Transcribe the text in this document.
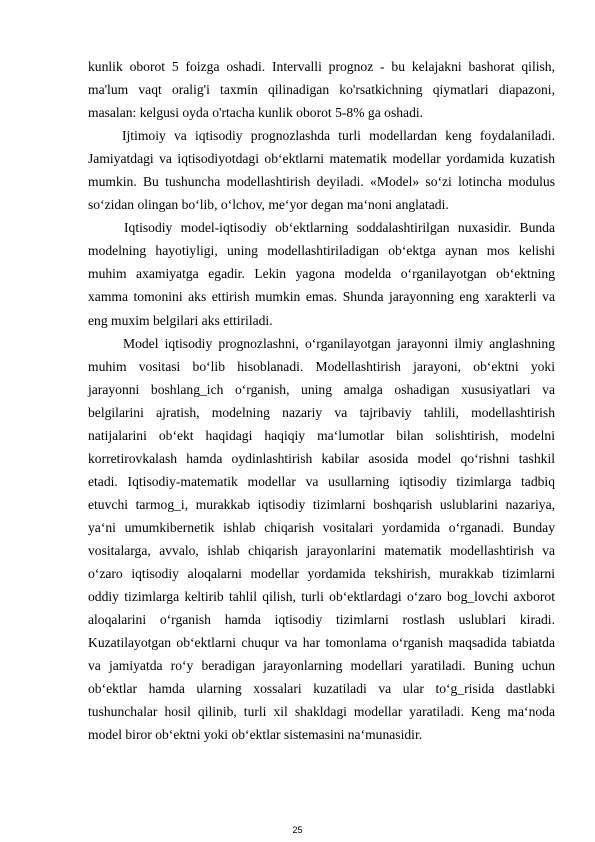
kunlik oborot 5 foizga oshadi. Intervalli prognoz - bu kelajakni bashorat qilish,
ma'lum vaqt oralig'i taxmin qilinadigan ko'rsatkichning qiymatlari diapazoni,
masalan: kelgusi oyda o'rtacha kunlik oborot 5-8% ga oshadi.
Ijtimoiy va iqtisodiy prognozlashda turli modellardan keng foydalaniladi.
Jamiyatdagi va iqtisodiyotdagi ob‘ektlarni matematik modellar yordamida kuzatish
mumkin. Bu tushuncha modellashtirish deyiladi. «Model» so‘zi lotincha modulus
so‘zidan olingan bo‘lib, o‘lchov, me‘yor degan ma‘noni anglatadi.
Iqtisodiy model-iqtisodiy ob‘ektlarning soddalashtirilgan nuxasidir. Bunda
modelning hayotiyligi, uning modellashtiriladigan ob‘ektga aynan mos kelishi
muhim axamiyatga egadir. Lekin yagona modelda o‘rganilayotgan ob‘ektning
xamma tomonini aks ettirish mumkin emas. Shunda jarayonning eng xarakterli va
eng muxim belgilari aks ettiriladi.
Model iqtisodiy prognozlashni, o‘rganilayotgan jarayonni ilmiy anglashning
muhim vositasi bo‘lib hisoblanadi. Modellashtirish jarayoni, ob‘ektni yoki
jarayonni boshlang_ich o‘rganish, uning amalga oshadigan xususiyatlari va
belgilarini ajratish, modelning nazariy va tajribaviy tahlili, modellashtirish
natijalarini ob‘ekt haqidagi haqiqiy ma‘lumotlar bilan solishtirish, modelni
korretirovkalash hamda oydinlashtirish kabilar asosida model qo‘rishni tashkil
etadi. Iqtisodiy-matematik modellar va usullarning iqtisodiy tizimlarga tadbiq
etuvchi tarmog_i, murakkab iqtisodiy tizimlarni boshqarish uslublarini nazariya,
ya‘ni umumkibernetik ishlab chiqarish vositalari yordamida o‘rganadi. Bunday
vositalarga, avvalo, ishlab chiqarish jarayonlarini matematik modellashtirish va
o‘zaro iqtisodiy aloqalarni modellar yordamida tekshirish, murakkab tizimlarni
oddiy tizimlarga keltirib tahlil qilish, turli ob‘ektlardagi o‘zaro bog_lovchi axborot
aloqalarini o‘rganish hamda iqtisodiy tizimlarni rostlash uslublari kiradi.
Kuzatilayotgan ob‘ektlarni chuqur va har tomonlama o‘rganish maqsadida tabiatda
va jamiyatda ro‘y beradigan jarayonlarning modellari yaratiladi. Buning uchun
ob‘ektlar hamda ularning xossalari kuzatiladi va ular to‘g_risida dastlabki
tushunchalar hosil qilinib, turli xil shakldagi modellar yaratiladi. Keng ma‘noda
model biror ob‘ektni yoki ob‘ektlar sistemasini na‘munasidir.
25
